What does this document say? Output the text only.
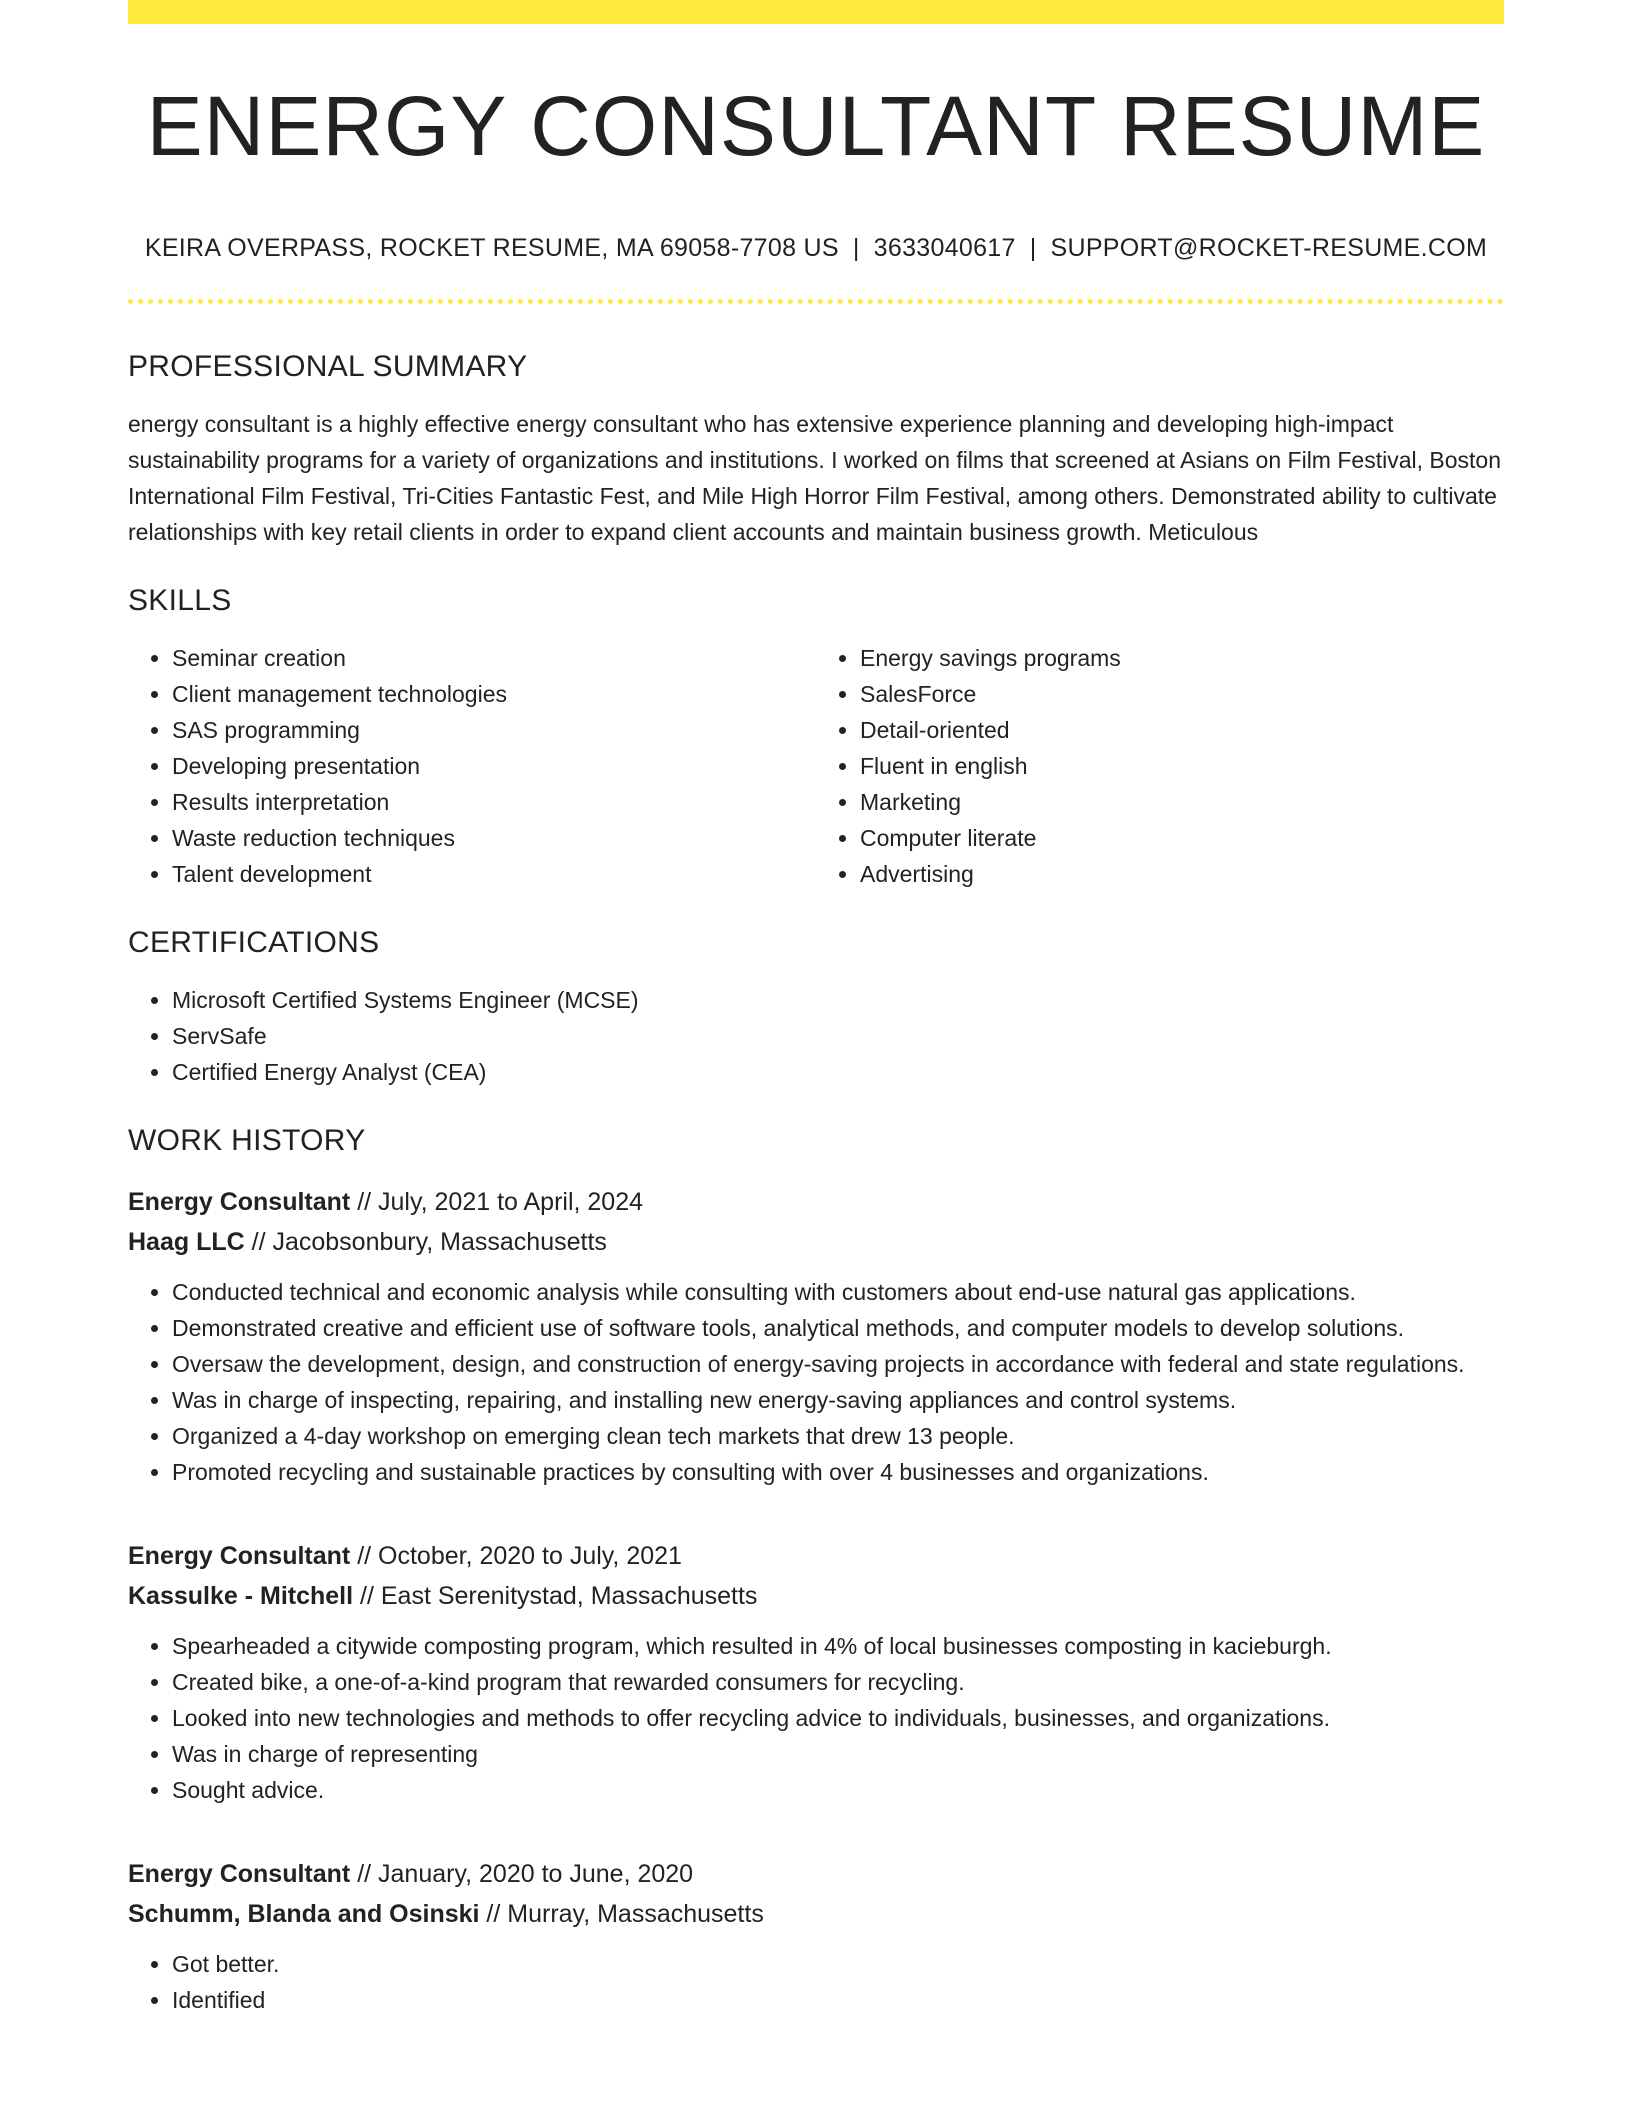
ENERGY CONSULTANT RESUME
KEIRA OVERPASS, ROCKET RESUME, MA 69058-7708 US | 3633040617 | SUPPORT@ROCKET-RESUME.COM
PROFESSIONAL SUMMARY

energy consultant is a highly effective energy consultant who has extensive experience planning and developing high-impact sustainability programs for a variety of organizations and institutions. I worked on films that screened at Asians on Film Festival, Boston International Film Festival, Tri-Cities Fantastic Fest, and Mile High Horror Film Festival, among others. Demonstrated ability to cultivate relationships with key retail clients in order to expand client accounts and maintain business growth. Meticulous

SKILLS
• Seminar creation
• Client management technologies
• SAS programming
• Developing presentation
• Results interpretation
• Waste reduction techniques
• Talent development
• Energy savings programs
• SalesForce
• Detail-oriented
• Fluent in english
• Marketing
• Computer literate
• Advertising
CERTIFICATIONS
• Microsoft Certified Systems Engineer (MCSE)
• ServSafe
• Certified Energy Analyst (CEA)
WORK HISTORY
Energy Consultant // July, 2021 to April, 2024
Haag LLC // Jacobsonbury, Massachusetts
• Conducted technical and economic analysis while consulting with customers about end-use natural gas applications.
• Demonstrated creative and efficient use of software tools, analytical methods, and computer models to develop solutions.
• Oversaw the development, design, and construction of energy-saving projects in accordance with federal and state regulations.
• Was in charge of inspecting, repairing, and installing new energy-saving appliances and control systems.
• Organized a 4-day workshop on emerging clean tech markets that drew 13 people.
• Promoted recycling and sustainable practices by consulting with over 4 businesses and organizations.
Energy Consultant // October, 2020 to July, 2021
Kassulke - Mitchell // East Serenitystad, Massachusetts
• Spearheaded a citywide composting program, which resulted in 4% of local businesses composting in kacieburgh.
• Created bike, a one-of-a-kind program that rewarded consumers for recycling.
• Looked into new technologies and methods to offer recycling advice to individuals, businesses, and organizations.
• Was in charge of representing
• Sought advice.
Energy Consultant // January, 2020 to June, 2020
Schumm, Blanda and Osinski // Murray, Massachusetts
• Got better.
• Identified
